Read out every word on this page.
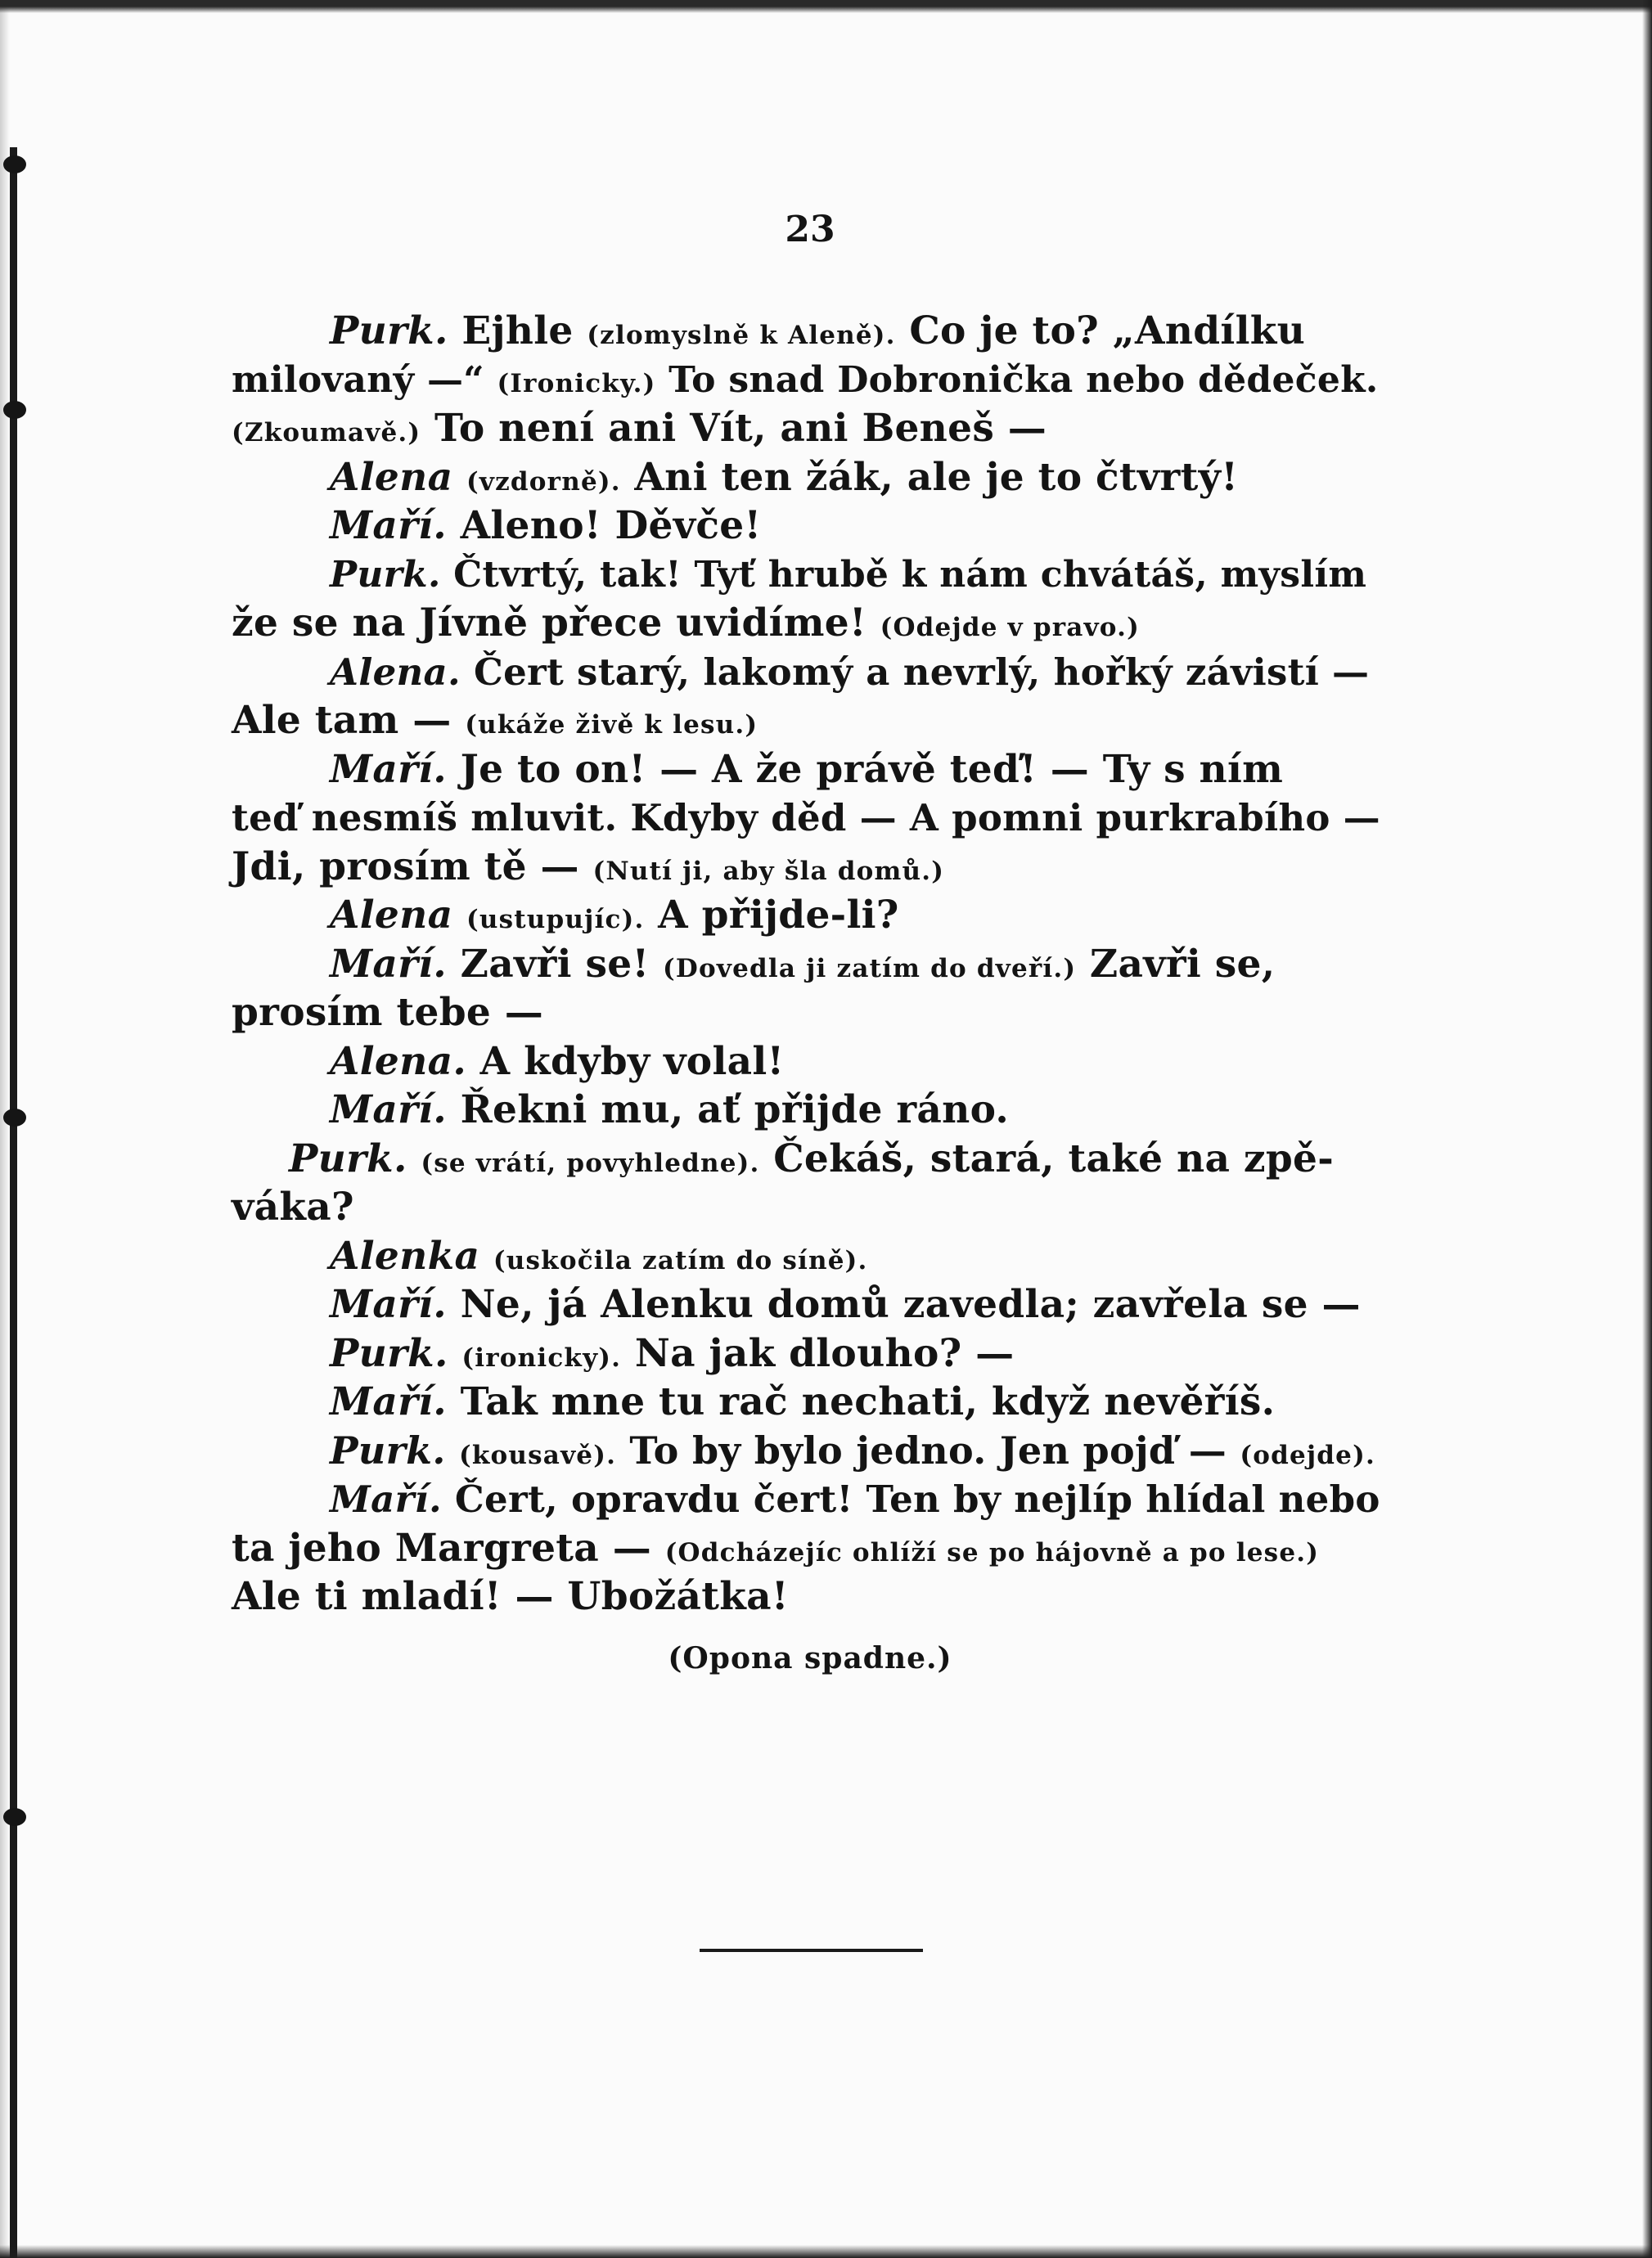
23
Purk. Ejhle (zlomyslně k Aleně). Co je to? „Andílku
milovaný —“ (Ironicky.) To snad Dobronička nebo dědeček.
(Zkoumavě.) To není ani Vít, ani Beneš —
Alena (vzdorně). Ani ten žák, ale je to čtvrtý!
Maří. Aleno! Děvče!
Purk. Čtvrtý, tak! Tyť hrubě k nám chvátáš, myslím
že se na Jívně přece uvidíme! (Odejde v pravo.)
Alena. Čert starý, lakomý a nevrlý, hořký závistí —
Ale tam — (ukáže živě k lesu.)
Maří. Je to on! — A že právě teď! — Ty s ním
teď nesmíš mluvit. Kdyby děd — A pomni purkrabího —
Jdi, prosím tě — (Nutí ji, aby šla domů.)
Alena (ustupujíc). A přijde-li?
Maří. Zavři se! (Dovedla ji zatím do dveří.) Zavři se,
prosím tebe —
Alena. A kdyby volal!
Maří. Řekni mu, ať přijde ráno.
Purk. (se vrátí, povyhledne). Čekáš, stará, také na zpě-
váka?
Alenka (uskočila zatím do síně).
Maří. Ne, já Alenku domů zavedla; zavřela se —
Purk. (ironicky). Na jak dlouho? —
Maří. Tak mne tu rač nechati, když nevěříš.
Purk. (kousavě). To by bylo jedno. Jen pojď — (odejde).
Maří. Čert, opravdu čert! Ten by nejlíp hlídal nebo
ta jeho Margreta — (Odcházejíc ohlíží se po hájovně a po lese.)
Ale ti mladí! — Ubožátka!
(Opona spadne.)
